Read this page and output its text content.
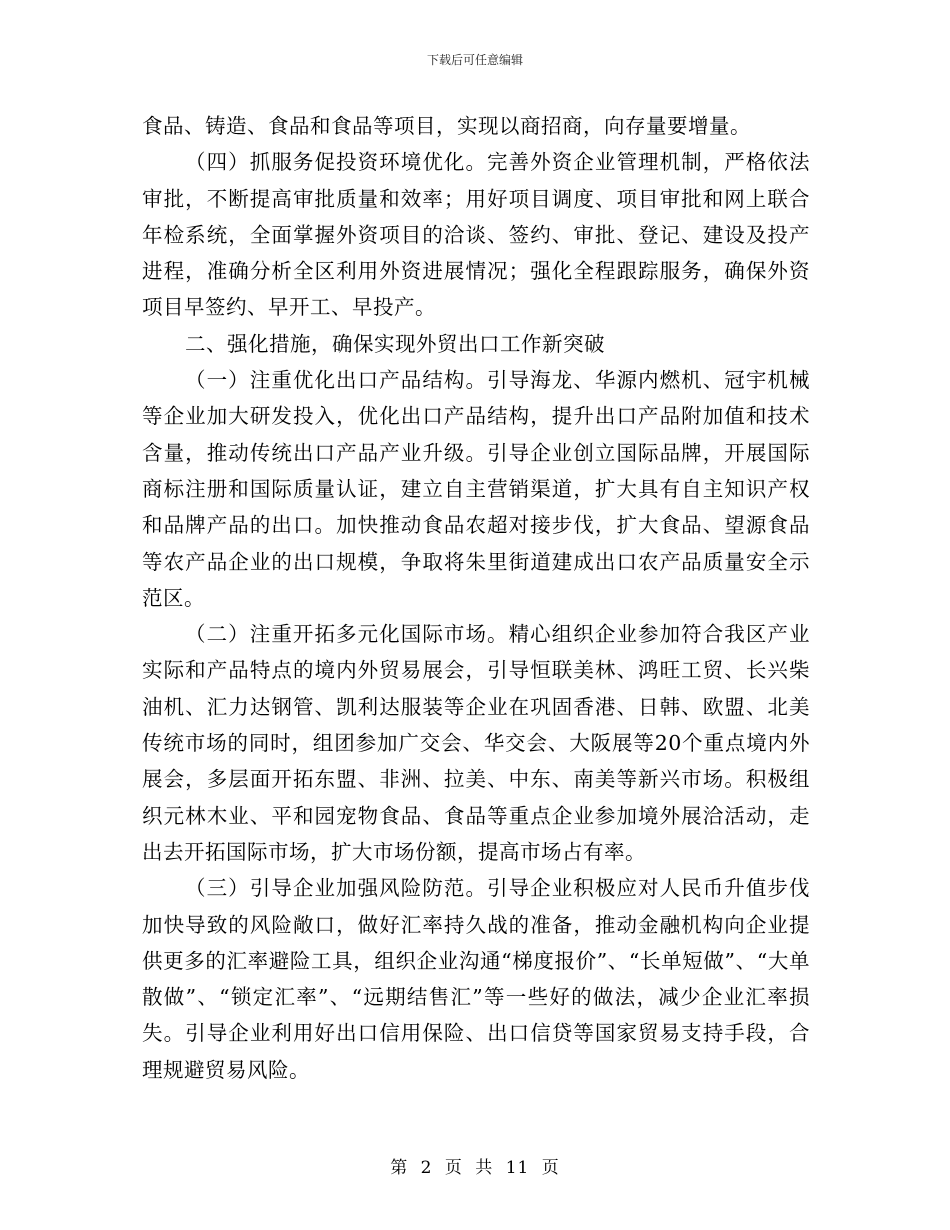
下载后可任意编辑

食品、铸造、食品和食品等项目，实现以商招商，向存量要增量。

（四）抓服务促投资环境优化。完善外资企业管理机制，严格依法审批，不断提高审批质量和效率；用好项目调度、项目审批和网上联合年检系统，全面掌握外资项目的洽谈、签约、审批、登记、建设及投产进程，准确分析全区利用外资进展情况；强化全程跟踪服务，确保外资项目早签约、早开工、早投产。

二、强化措施，确保实现外贸出口工作新突破

（一）注重优化出口产品结构。引导海龙、华源内燃机、冠宇机械等企业加大研发投入，优化出口产品结构，提升出口产品附加值和技术含量，推动传统出口产品产业升级。引导企业创立国际品牌，开展国际商标注册和国际质量认证，建立自主营销渠道，扩大具有自主知识产权和品牌产品的出口。加快推动食品农超对接步伐，扩大食品、望源食品等农产品企业的出口规模，争取将朱里街道建成出口农产品质量安全示范区。

（二）注重开拓多元化国际市场。精心组织企业参加符合我区产业实际和产品特点的境内外贸易展会，引导恒联美林、鸿旺工贸、长兴柴油机、汇力达钢管、凯利达服装等企业在巩固香港、日韩、欧盟、北美传统市场的同时，组团参加广交会、华交会、大阪展等20个重点境内外展会，多层面开拓东盟、非洲、拉美、中东、南美等新兴市场。积极组织元林木业、平和园宠物食品、食品等重点企业参加境外展洽活动，走出去开拓国际市场，扩大市场份额，提高市场占有率。

（三）引导企业加强风险防范。引导企业积极应对人民币升值步伐加快导致的风险敞口，做好汇率持久战的准备，推动金融机构向企业提供更多的汇率避险工具，组织企业沟通“梯度报价”、“长单短做”、“大单散做”、“锁定汇率”、“远期结售汇”等一些好的做法，减少企业汇率损失。引导企业利用好出口信用保险、出口信贷等国家贸易支持手段，合理规避贸易风险。

第 2 页 共 11 页
